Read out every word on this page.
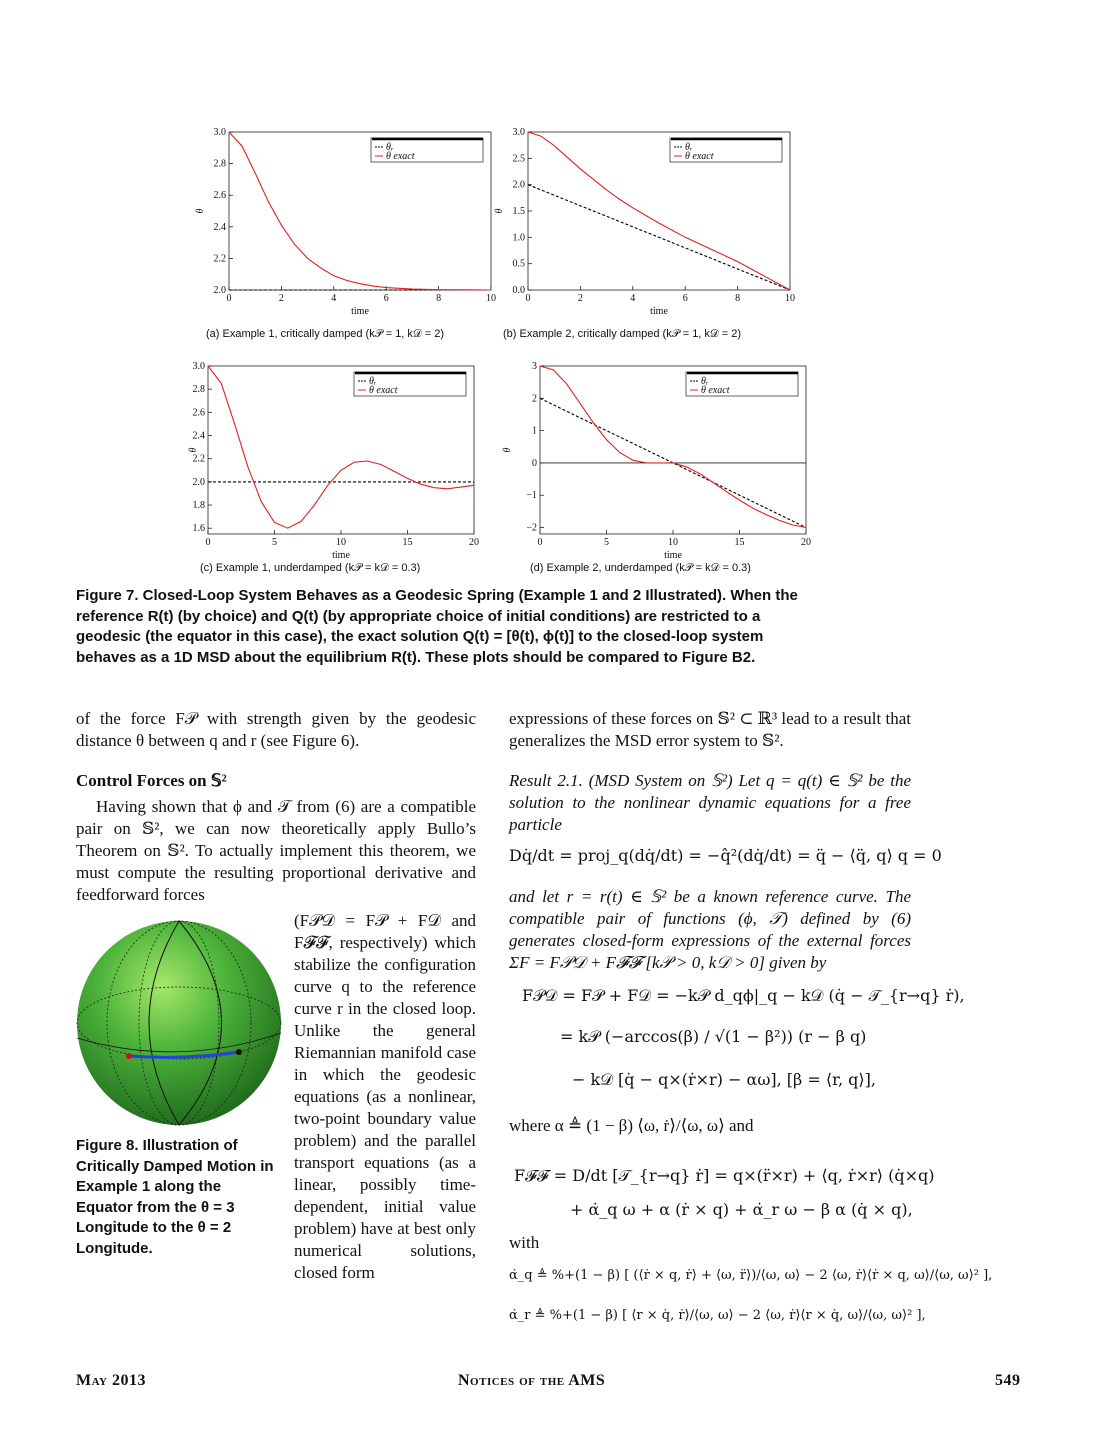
0	2	4	6	8	10
2.0
2.2
2.4
2.6
2.8
3.0
time
θ
θᵣ
θ exact
(a) Example 1, critically damped (k𝒫 = 1, k𝒟 = 2)
0	2	4	6	8	10
0.0
0.5
1.0
1.5
2.0
2.5
3.0
time
θ
θᵣ
θ exact
(b) Example 2, critically damped (k𝒫 = 1, k𝒟 = 2)
0	5	10	15	20
1.6
1.8
2.0
2.2
2.4
2.6
2.8
3.0
time
θ
θᵣ
θ exact
(c) Example 1, underdamped (k𝒫 = k𝒟 = 0.3)
0	5	10	15	20
−2
−1
0
1
2
3
time
θ
θᵣ
θ exact
(d) Example 2, underdamped (k𝒫 = k𝒟 = 0.3)
Figure 7. Closed-Loop System Behaves as a Geodesic Spring (Example 1 and 2 Illustrated). When the
reference R(t) (by choice) and Q(t) (by appropriate choice of initial conditions) are restricted to a
geodesic (the equator in this case), the exact solution Q(t) = [θ(t), ϕ(t)] to the closed-loop system
behaves as a 1D MSD about the equilibrium R(t). These plots should be compared to Figure B2.

of the force F𝒫 with strength given by the geodesic distance θ between q and r (see Figure 6).

Control Forces on 𝕊²

Having shown that ϕ and 𝒯 from (6) are a compatible pair on 𝕊², we can now theoretically apply Bullo’s Theorem on 𝕊². To actually implement this theorem, we must compute the resulting proportional derivative and feedforward forces

Figure 8. Illustration of Critically Damped Motion in Example 1 along the Equator from the θ = 3 Longitude to the θ = 2 Longitude.

(F𝒫𝒟 = F𝒫 + F𝒟 and F𝓕𝓕, respectively) which stabilize the configuration curve q to the reference curve r in the closed loop. Unlike the general Riemannian manifold case in which the geodesic equations (as a nonlinear, two-point boundary value problem) and the parallel transport equations (as a linear, possibly time-dependent, initial value problem) have at best only numerical solutions, closed form

expressions of these forces on 𝕊² ⊂ ℝ³ lead to a result that generalizes the MSD error system to 𝕊².

Result 2.1. (MSD System on 𝕊²) Let q = q(t) ∈ 𝕊² be the solution to the nonlinear dynamic equations for a free particle

Dq̇/dt = proj_q(dq̇/dt) = −q̂²(dq̇/dt) = q̈ − ⟨q̈, q⟩ q = 0

and let r = r(t) ∈ 𝕊² be a known reference curve. The compatible pair of functions (ϕ, 𝒯) defined by (6) generates closed-form expressions of the external forces ΣF = F𝒫𝒟 + F𝓕𝓕 [k𝒫 > 0, k𝒟 > 0] given by

F𝒫𝒟 = F𝒫 + F𝒟 = −k𝒫 d_qϕ|_q − k𝒟 (q̇ − 𝒯_{r→q} ṙ),
= k𝒫 (−arccos(β) / √(1 − β²)) (r − β q)
− k𝒟 [q̇ − q×(ṙ×r) − αω], [β = ⟨r, q⟩],
where α ≜ (1 − β) ⟨ω, ṙ⟩/⟨ω, ω⟩ and
F𝓕𝓕 = D/dt [𝒯_{r→q} ṙ] = q×(r̈×r) + ⟨q, ṙ×r⟩ (q̇×q)
+ α̇_q ω + α (ṙ × q) + α̇_r ω − β α (q̇ × q),
with
α̇_q ≜ %+(1 − β) [ (⟨ṙ × q, ṙ⟩ + ⟨ω, r̈⟩)/⟨ω, ω⟩ − 2 ⟨ω, ṙ⟩⟨ṙ × q, ω⟩/⟨ω, ω⟩² ],
α̇_r ≜ %+(1 − β) [ ⟨r × q̇, ṙ⟩/⟨ω, ω⟩ − 2 ⟨ω, ṙ⟩⟨r × q̇, ω⟩/⟨ω, ω⟩² ],
May 2013	Notices of the AMS	549
